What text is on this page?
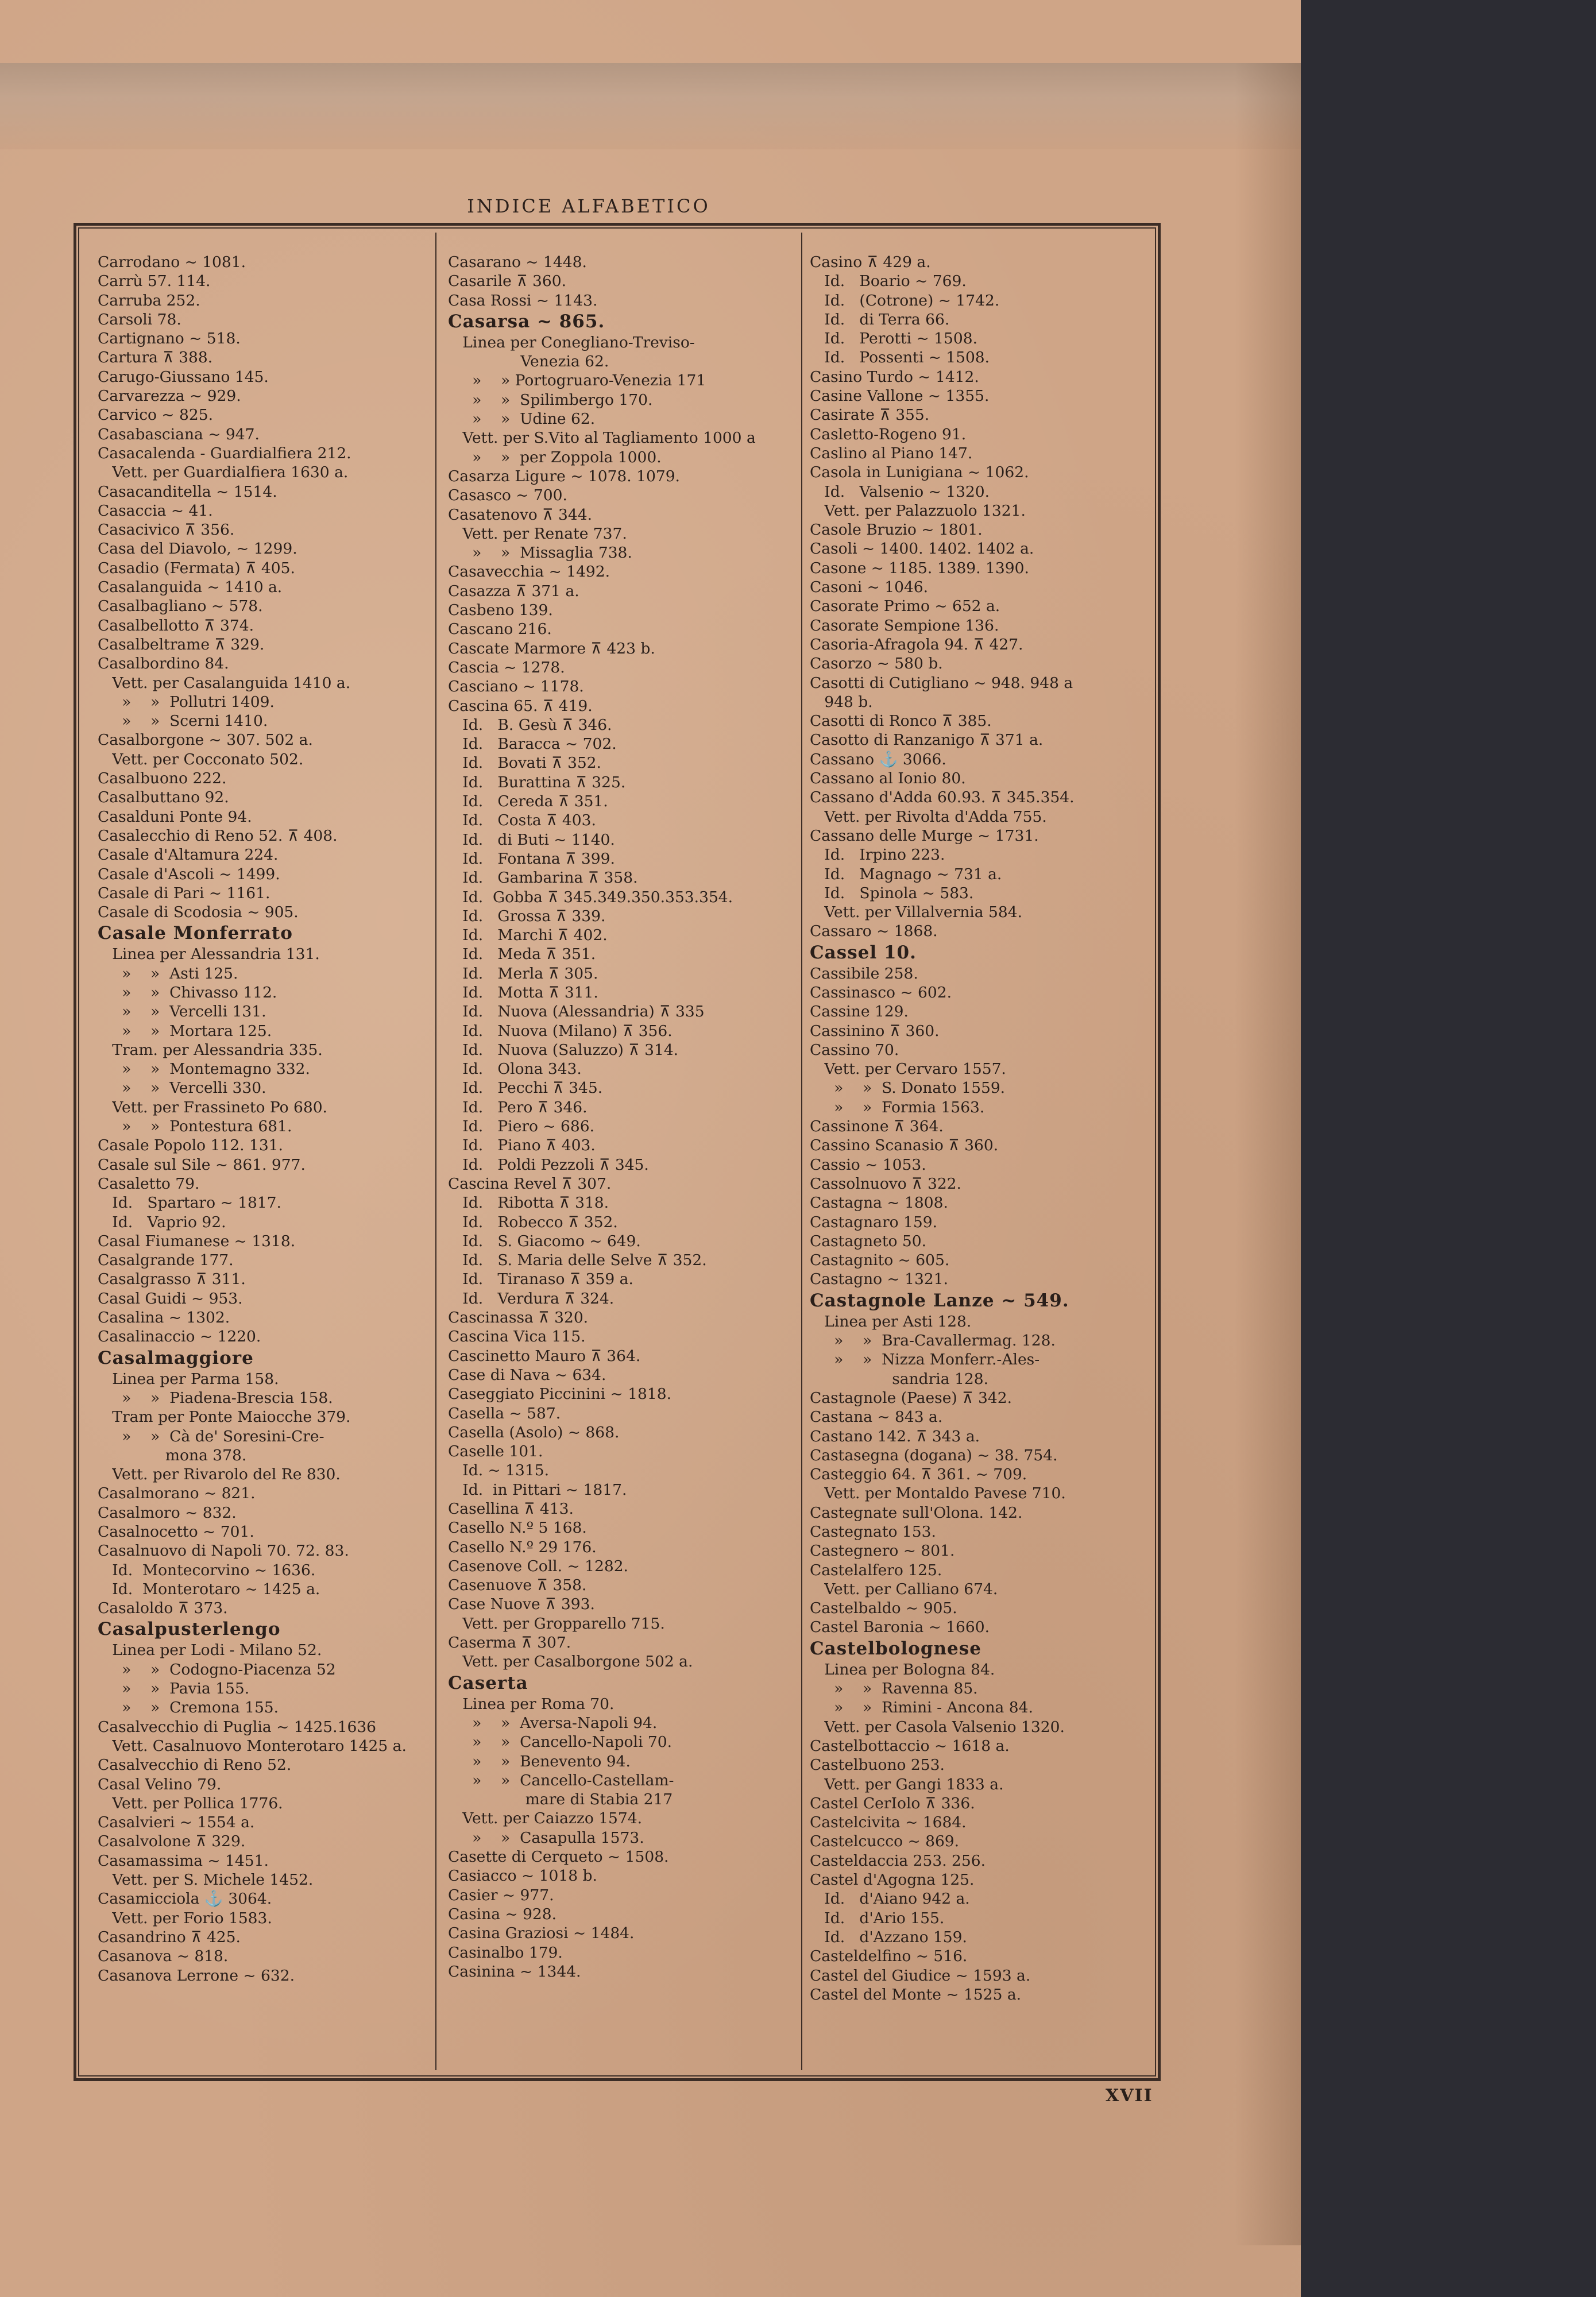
INDICE ALFABETICO
Carrodano ~ 1081.
Carrù 57. 114.
Carruba 252.
Carsoli 78.
Cartignano ~ 518.
Cartura ⊼ 388.
Carugo-Giussano 145.
Carvarezza ~ 929.
Carvico ~ 825.
Casabasciana ~ 947.
Casacalenda - Guardialfiera 212.
Vett. per Guardialfiera 1630 a.
Casacanditella ~ 1514.
Casaccia ~ 41.
Casacivico ⊼ 356.
Casa del Diavolo, ~ 1299.
Casadio (Fermata) ⊼ 405.
Casalanguida ~ 1410 a.
Casalbagliano ~ 578.
Casalbellotto ⊼ 374.
Casalbeltrame ⊼ 329.
Casalbordino 84.
Vett. per Casalanguida 1410 a.
»    »  Pollutri 1409.
»    »  Scerni 1410.
Casalborgone ~ 307. 502 a.
Vett. per Cocconato 502.
Casalbuono 222.
Casalbuttano 92.
Casalduni Ponte 94.
Casalecchio di Reno 52. ⊼ 408.
Casale d'Altamura 224.
Casale d'Ascoli ~ 1499.
Casale di Pari ~ 1161.
Casale di Scodosia ~ 905.
Casale Monferrato
Linea per Alessandria 131.
»    »  Asti 125.
»    »  Chivasso 112.
»    »  Vercelli 131.
»    »  Mortara 125.
Tram. per Alessandria 335.
»    »  Montemagno 332.
»    »  Vercelli 330.
Vett. per Frassineto Po 680.
»    »  Pontestura 681.
Casale Popolo 112. 131.
Casale sul Sile ~ 861. 977.
Casaletto 79.
Id.   Spartaro ~ 1817.
Id.   Vaprio 92.
Casal Fiumanese ~ 1318.
Casalgrande 177.
Casalgrasso ⊼ 311.
Casal Guidi ~ 953.
Casalina ~ 1302.
Casalinaccio ~ 1220.
Casalmaggiore
Linea per Parma 158.
»    »  Piadena-Brescia 158.
Tram per Ponte Maiocche 379.
»    »  Cà de' Soresini-Cre-
mona 378.
Vett. per Rivarolo del Re 830.
Casalmorano ~ 821.
Casalmoro ~ 832.
Casalnocetto ~ 701.
Casalnuovo di Napoli 70. 72. 83.
Id.  Montecorvino ~ 1636.
Id.  Monterotaro ~ 1425 a.
Casaloldo ⊼ 373.
Casalpusterlengo
Linea per Lodi - Milano 52.
»    »  Codogno-Piacenza 52
»    »  Pavia 155.
»    »  Cremona 155.
Casalvecchio di Puglia ~ 1425.1636
Vett. Casalnuovo Monterotaro 1425 a.
Casalvecchio di Reno 52.
Casal Velino 79.
Vett. per Pollica 1776.
Casalvieri ~ 1554 a.
Casalvolone ⊼ 329.
Casamassima ~ 1451.
Vett. per S. Michele 1452.
Casamicciola ⚓ 3064.
Vett. per Forio 1583.
Casandrino ⊼ 425.
Casanova ~ 818.
Casanova Lerrone ~ 632.
Casarano ~ 1448.
Casarile ⊼ 360.
Casa Rossi ~ 1143.
Casarsa ~ 865.
Linea per Conegliano-Treviso-
Venezia 62.
»    » Portogruaro-Venezia 171
»    »  Spilimbergo 170.
»    »  Udine 62.
Vett. per S.Vito al Tagliamento 1000 a
»    »  per Zoppola 1000.
Casarza Ligure ~ 1078. 1079.
Casasco ~ 700.
Casatenovo ⊼ 344.
Vett. per Renate 737.
»    »  Missaglia 738.
Casavecchia ~ 1492.
Casazza ⊼ 371 a.
Casbeno 139.
Cascano 216.
Cascate Marmore ⊼ 423 b.
Cascia ~ 1278.
Casciano ~ 1178.
Cascina 65. ⊼ 419.
Id.   B. Gesù ⊼ 346.
Id.   Baracca ~ 702.
Id.   Bovati ⊼ 352.
Id.   Burattina ⊼ 325.
Id.   Cereda ⊼ 351.
Id.   Costa ⊼ 403.
Id.   di Buti ~ 1140.
Id.   Fontana ⊼ 399.
Id.   Gambarina ⊼ 358.
Id.  Gobba ⊼ 345.349.350.353.354.
Id.   Grossa ⊼ 339.
Id.   Marchi ⊼ 402.
Id.   Meda ⊼ 351.
Id.   Merla ⊼ 305.
Id.   Motta ⊼ 311.
Id.   Nuova (Alessandria) ⊼ 335
Id.   Nuova (Milano) ⊼ 356.
Id.   Nuova (Saluzzo) ⊼ 314.
Id.   Olona 343.
Id.   Pecchi ⊼ 345.
Id.   Pero ⊼ 346.
Id.   Piero ~ 686.
Id.   Piano ⊼ 403.
Id.   Poldi Pezzoli ⊼ 345.
Cascina Revel ⊼ 307.
Id.   Ribotta ⊼ 318.
Id.   Robecco ⊼ 352.
Id.   S. Giacomo ~ 649.
Id.   S. Maria delle Selve ⊼ 352.
Id.   Tiranaso ⊼ 359 a.
Id.   Verdura ⊼ 324.
Cascinassa ⊼ 320.
Cascina Vica 115.
Cascinetto Mauro ⊼ 364.
Case di Nava ~ 634.
Caseggiato Piccinini ~ 1818.
Casella ~ 587.
Casella (Asolo) ~ 868.
Caselle 101.
Id. ~ 1315.
Id.  in Pittari ~ 1817.
Casellina ⊼ 413.
Casello N.º 5 168.
Casello N.º 29 176.
Casenove Coll. ~ 1282.
Casenuove ⊼ 358.
Case Nuove ⊼ 393.
Vett. per Gropparello 715.
Caserma ⊼ 307.
Vett. per Casalborgone 502 a.
Caserta
Linea per Roma 70.
»    »  Aversa-Napoli 94.
»    »  Cancello-Napoli 70.
»    »  Benevento 94.
»    »  Cancello-Castellam-
mare di Stabia 217
Vett. per Caiazzo 1574.
»    »  Casapulla 1573.
Casette di Cerqueto ~ 1508.
Casiacco ~ 1018 b.
Casier ~ 977.
Casina ~ 928.
Casina Graziosi ~ 1484.
Casinalbo 179.
Casinina ~ 1344.
Casino ⊼ 429 a.
Id.   Boario ~ 769.
Id.   (Cotrone) ~ 1742.
Id.   di Terra 66.
Id.   Perotti ~ 1508.
Id.   Possenti ~ 1508.
Casino Turdo ~ 1412.
Casine Vallone ~ 1355.
Casirate ⊼ 355.
Casletto-Rogeno 91.
Caslino al Piano 147.
Casola in Lunigiana ~ 1062.
Id.   Valsenio ~ 1320.
Vett. per Palazzuolo 1321.
Casole Bruzio ~ 1801.
Casoli ~ 1400. 1402. 1402 a.
Casone ~ 1185. 1389. 1390.
Casoni ~ 1046.
Casorate Primo ~ 652 a.
Casorate Sempione 136.
Casoria-Afragola 94. ⊼ 427.
Casorzo ~ 580 b.
Casotti di Cutigliano ~ 948. 948 a
948 b.
Casotti di Ronco ⊼ 385.
Casotto di Ranzanigo ⊼ 371 a.
Cassano ⚓ 3066.
Cassano al Ionio 80.
Cassano d'Adda 60.93. ⊼ 345.354.
Vett. per Rivolta d'Adda 755.
Cassano delle Murge ~ 1731.
Id.   Irpino 223.
Id.   Magnago ~ 731 a.
Id.   Spinola ~ 583.
Vett. per Villalvernia 584.
Cassaro ~ 1868.
Cassel 10.
Cassibile 258.
Cassinasco ~ 602.
Cassine 129.
Cassinino ⊼ 360.
Cassino 70.
Vett. per Cervaro 1557.
»    »  S. Donato 1559.
»    »  Formia 1563.
Cassinone ⊼ 364.
Cassino Scanasio ⊼ 360.
Cassio ~ 1053.
Cassolnuovo ⊼ 322.
Castagna ~ 1808.
Castagnaro 159.
Castagneto 50.
Castagnito ~ 605.
Castagno ~ 1321.
Castagnole Lanze ~ 549.
Linea per Asti 128.
»    »  Bra-Cavallermag. 128.
»    »  Nizza Monferr.-Ales-
sandria 128.
Castagnole (Paese) ⊼ 342.
Castana ~ 843 a.
Castano 142. ⊼ 343 a.
Castasegna (dogana) ~ 38. 754.
Casteggio 64. ⊼ 361. ~ 709.
Vett. per Montaldo Pavese 710.
Castegnate sull'Olona. 142.
Castegnato 153.
Castegnero ~ 801.
Castelalfero 125.
Vett. per Calliano 674.
Castelbaldo ~ 905.
Castel Baronia ~ 1660.
Castelbolognese
Linea per Bologna 84.
»    »  Ravenna 85.
»    »  Rimini - Ancona 84.
Vett. per Casola Valsenio 1320.
Castelbottaccio ~ 1618 a.
Castelbuono 253.
Vett. per Gangi 1833 a.
Castel CerIolo ⊼ 336.
Castelcivita ~ 1684.
Castelcucco ~ 869.
Casteldaccia 253. 256.
Castel d'Agogna 125.
Id.   d'Aiano 942 a.
Id.   d'Ario 155.
Id.   d'Azzano 159.
Casteldelfino ~ 516.
Castel del Giudice ~ 1593 a.
Castel del Monte ~ 1525 a.
XVII
